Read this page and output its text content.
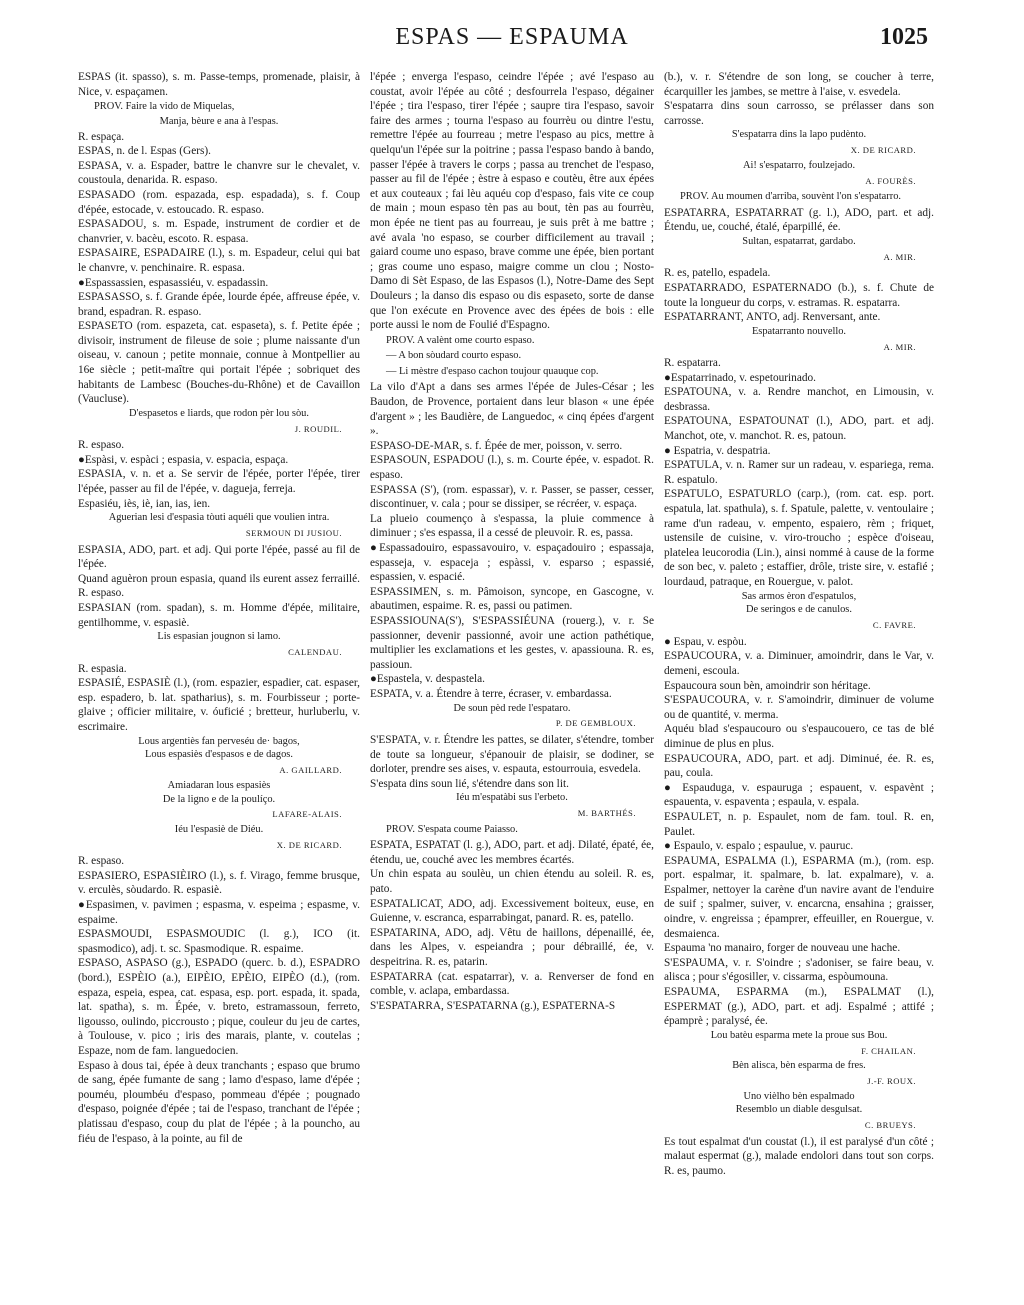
ESPAS — ESPAUMA	1025
ESPAS (it. spasso), s. m. Passe-temps, promenade, plaisir, à Nice, v. espaçamen.
PROV. Faire la vido de Miquelas,
Manja, bèure e ana à l'espas.
R. espaça.
ESPAS, n. de l. Espas (Gers).
ESPASA, v. a. Espader, battre le chanvre sur le chevalet, v. coustoula, denarida. R. espaso.
ESPASADO (rom. espazada, esp. espadada), s. f. Coup d'épée, estocade, v. estoucado. R. espaso.
ESPASADOU, s. m. Espade, instrument de cordier et de chanvrier, v. bacèu, escoto. R. espasa.
ESPASAIRE, ESPADAIRE (l.), s. m. Espadeur, celui qui bat le chanvre, v. penchinaire. R. espasa.
●Espassassien, espasassiéu, v. espadassin.
ESPASASSO, s. f. Grande épée, lourde épée, affreuse épée, v. brand, espadran. R. espaso.
ESPASETO (rom. espazeta, cat. espaseta), s. f. Petite épée ; divisoir, instrument de fileuse de soie ; plume naissante d'un oiseau, v. canoun ; petite monnaie, connue à Montpellier au 16e siècle ; petit-maître qui portait l'épée ; sobriquet des habitants de Lambesc (Bouches-du-Rhône) et de Cavaillon (Vaucluse).
D'espasetos e liards, que rodon pèr lou sòu.
J. ROUDIL.
R. espaso.
●Espàsi, v. espàci ; espasia, v. espacia, espaça.
ESPASIA, v. n. et a. Se servir de l'épée, porter l'épée, tirer l'épée, passer au fil de l'épée, v. dagueja, ferreja.
Espasiéu, iès, iè, ian, ias, ien.
Aguerian lesi d'espasia tòuti aquéli que voulien intra.
SERMOUN DI JUSIOU.
ESPASIA, ADO, part. et adj. Qui porte l'épée, passé au fil de l'épée.
Quand aguèron proun espasia, quand ils eurent assez ferraillé. R. espaso.
ESPASIAN (rom. spadan), s. m. Homme d'épée, militaire, gentilhomme, v. espasiè.
Lis espasian jougnon si lamo.
CALENDAU.
R. espasia.
ESPASIÉ, ESPASIÈ (l.), (rom. espazier, espadier, cat. espaser, esp. espadero, b. lat. spatharius), s. m. Fourbisseur ; porte-glaive ; officier militaire, v. óuficié ; bretteur, hurluberlu, v. escrimaire.
Lous argentiès fan perveséu de· bagos,
Lous espasiès d'espasos e de dagos.
A. GAILLARD.
Amiadaran lous espasiès
De la ligno e de la poulíço.
LAFARE-ALAIS.
Iéu l'espasiè de Diéu.
X. DE RICARD.
R. espaso.
ESPASIERO, ESPASIÈIRO (l.), s. f. Virago, femme brusque, v. erculès, sòudardo. R. espasiè.
●Espasimen, v. pavimen ; espasma, v. espeima ; espasme, v. espaime.
ESPASMOUDI, ESPASMOUDIC (l. g.), ICO (it. spasmodico), adj. t. sc. Spasmodique. R. espaime.
ESPASO, ASPASO (g.), ESPADO (querc. b. d.), ESPADRO (bord.), ESPÈIO (a.), EIPÈIO, EPÈIO, EIPÈO (d.), (rom. espaza, espeia, espea, cat. espasa, esp. port. espada, it. spada, lat. spatha), s. m. Épée, v. breto, estramassoun, ferreto, ligousso, oulindo, piccrousto ; pique, couleur du jeu de cartes, à Toulouse, v. pico ; iris des marais, plante, v. coutelas ; Espaze, nom de fam. languedocien.
Espaso à dous tai, épée à deux tranchants ; espaso que brumo de sang, épée fumante de sang ; lamo d'espaso, lame d'épée ; pouméu, ploumbéu d'espaso, pommeau d'épée ; pougnado d'espaso, poignée d'épée ; tai de l'espaso, tranchant de l'épée ; platissau d'espaso, coup du plat de l'épée ; à la pouncho, au fiéu de l'espaso, à la pointe, au fil de
l'épée ; enverga l'espaso, ceindre l'épée ; avé l'espaso au coustat, avoir l'épée au côté ; desfourrela l'espaso, dégainer l'épée ; tira l'espaso, tirer l'épée ; saupre tira l'espaso, savoir faire des armes ; tourna l'espaso au fourrèu ou dintre l'estu, remettre l'épée au fourreau ; metre l'espaso au pics, mettre à quelqu'un l'épée sur la poitrine ; passa l'espaso bando à bando, passer l'épée à travers le corps ; passa au trenchet de l'espaso, passer au fil de l'épée ; èstre à espaso e coutèu, être aux épées et aux couteaux ; fai lèu aquéu cop d'espaso, fais vite ce coup de main ; moun espaso tèn pas au bout, tèn pas au fourrèu, mon épée ne tient pas au fourreau, je suis prêt à me battre ; avé avala 'no espaso, se courber difficilement au travail ; gaiard coume uno espaso, brave comme une épée, bien portant ; gras coume uno espaso, maigre comme un clou ; Nosto-Damo di Sèt Espaso, de las Espasos (l.), Notre-Dame des Sept Douleurs ; la danso dis espaso ou dis espaseto, sorte de danse que l'on exécute en Provence avec des épées de bois : elle porte aussi le nom de Foulié d'Espagno.
PROV. A valènt ome courto espaso.
— A bon sòudard courto espaso.
— Li mèstre d'espaso cachon toujour quauque cop.
La vilo d'Apt a dans ses armes l'épée de Jules-César ; les Baudon, de Provence, portaient dans leur blason « une épée d'argent » ; les Baudière, de Languedoc, « cinq épées d'argent ».
ESPASO-DE-MAR, s. f. Épée de mer, poisson, v. serro.
ESPASOUN, ESPADOU (l.), s. m. Courte épée, v. espadot. R. espaso.
ESPASSA (S'), (rom. espassar), v. r. Passer, se passer, cesser, discontinuer, v. cala ; pour se dissiper, se récréer, v. espaça.
La plueio coumenço à s'espassa, la pluie commence à diminuer ; s'es espassa, il a cessé de pleuvoir. R. es, passa.
●Espassadouiro, espassavouiro, v. espaçadouiro ; espassaja, espasseja, v. espaceja ; espàssi, v. esparso ; espassié, espassien, v. espacié.
ESPASSIMEN, s. m. Pâmoison, syncope, en Gascogne, v. abautimen, espaime. R. es, passi ou patimen.
ESPASSIOUNA(S'), S'ESPASSIÉUNA (rouerg.), v. r. Se passionner, devenir passionné, avoir une action pathétique, multiplier les exclamations et les gestes, v. apassiouna. R. es, passioun.
●Espastela, v. despastela.
ESPATA, v. a. Étendre à terre, écraser, v. embardassa.
De soun pèd rede l'espataro.
P. DE GEMBLOUX.
S'ESPATA, v. r. Étendre les pattes, se dilater, s'étendre, tomber de toute sa longueur, s'épanouir de plaisir, se dodiner, se dorloter, prendre ses aises, v. espauta, estourrouia, esvedela.
S'espata dins soun lié, s'étendre dans son lit.
Iéu m'espatàbi sus l'erbeto.
M. BARTHÉS.
PROV. S'espata coume Paiasso.
ESPATA, ESPATAT (l. g.), ADO, part. et adj. Dilaté, épaté, ée, étendu, ue, couché avec les membres écartés.
Un chin espata au soulèu, un chien étendu au soleil. R. es, pato.
ESPATALICAT, ADO, adj. Excessivement boiteux, euse, en Guienne, v. escranca, esparrabingat, panard. R. es, patello.
ESPATARINA, ADO, adj. Vêtu de haillons, dépenaillé, ée, dans les Alpes, v. espeiandra ; pour débraillé, ée, v. despeitrina. R. es, patarin.
ESPATARRA (cat. espatarrar), v. a. Renverser de fond en comble, v. aclapa, embardassa.
S'ESPATARRA, S'ESPATARNA (g.), ESPATERNA-S
(b.), v. r. S'étendre de son long, se coucher à terre, écarquiller les jambes, se mettre à l'aise, v. esvedela.
S'espatarra dins soun carrosso, se prélasser dans son carrosse.
S'espatarra dins la lapo pudènto.
X. DE RICARD.
Ai! s'espatarro, foulzejado.
A. FOURÈS.
PROV. Au moumen d'arriba, souvènt l'on s'espatarro.
ESPATARRA, ESPATARRAT (g. l.), ADO, part. et adj. Étendu, ue, couché, étalé, éparpillé, ée.
Sultan, espatarrat, gardabo.
A. MIR.
R. es, patello, espadela.
ESPATARRADO, ESPATERNADO (b.), s. f. Chute de toute la longueur du corps, v. estramas. R. espatarra.
ESPATARRANT, ANTO, adj. Renversant, ante.
Espatarranto nouvello.
A. MIR.
R. espatarra.
●Espatarrinado, v. espetourinado.
ESPATOUNA, v. a. Rendre manchot, en Limousin, v. desbrassa.
ESPATOUNA, ESPATOUNAT (l.), ADO, part. et adj. Manchot, ote, v. manchot. R. es, patoun.
● Espatria, v. despatria.
ESPATULA, v. n. Ramer sur un radeau, v. espariega, rema. R. espatulo.
ESPATULO, ESPATURLO (carp.), (rom. cat. esp. port. espatula, lat. spathula), s. f. Spatule, palette, v. ventoulaire ; rame d'un radeau, v. empento, espaiero, rèm ; friquet, ustensile de cuisine, v. viro-troucho ; espèce d'oiseau, platelea leucorodia (Lin.), ainsi nommé à cause de la forme de son bec, v. paleto ; estaffier, drôle, triste sire, v. estafié ; lourdaud, patraque, en Rouergue, v. palot.
Sas armos èron d'espatulos,
De seringos e de canulos.
C. FAVRE.
● Espau, v. espòu.
ESPAUCOURA, v. a. Diminuer, amoindrir, dans le Var, v. demeni, escoula.
Espaucoura soun bèn, amoindrir son héritage.
S'ESPAUCOURA, v. r. S'amoindrir, diminuer de volume ou de quantité, v. merma.
Aquéu blad s'espaucouro ou s'espaucouero, ce tas de blé diminue de plus en plus.
ESPAUCOURA, ADO, part. et adj. Diminué, ée. R. es, pau, coula.
● Espauduga, v. espauruga ; espauent, v. espavènt ; espauenta, v. espaventa ; espaula, v. espala.
ESPAULET, n. p. Espaulet, nom de fam. toul. R. en, Paulet.
● Espaulo, v. espalo ; espaulue, v. pauruc.
ESPAUMA, ESPALMA (l.), ESPARMA (m.), (rom. esp. port. espalmar, it. spalmare, b. lat. expalmare), v. a. Espalmer, nettoyer la carène d'un navire avant de l'enduire de suif ; spalmer, suiver, v. encarcna, ensahina ; graisser, oindre, v. engreissa ; épamprer, effeuiller, en Rouergue, v. desmaienca.
Espauma 'no manairo, forger de nouveau une hache.
S'ESPAUMA, v. r. S'oindre ; s'adoniser, se faire beau, v. alisca ; pour s'égosiller, v. cissarma, espòumouna.
ESPAUMA, ESPARMA (m.), ESPALMAT (l.), ESPERMAT (g.), ADO, part. et adj. Espalmé ; attifé ; épamprè ; paralysé, ée.
Lou batèu esparma mete la proue sus Bou.
F. CHAILAN.
Bèn alisca, bèn esparma de fres.
J.-F. ROUX.
Uno vièlho bèn espalmado
Resemblo un diable desgulsat.
C. BRUEYS.
Es tout espalmat d'un coustat (l.), il est paralysé d'un côté ; malaut espermat (g.), malade endolori dans tout son corps. R. es, paumo.
